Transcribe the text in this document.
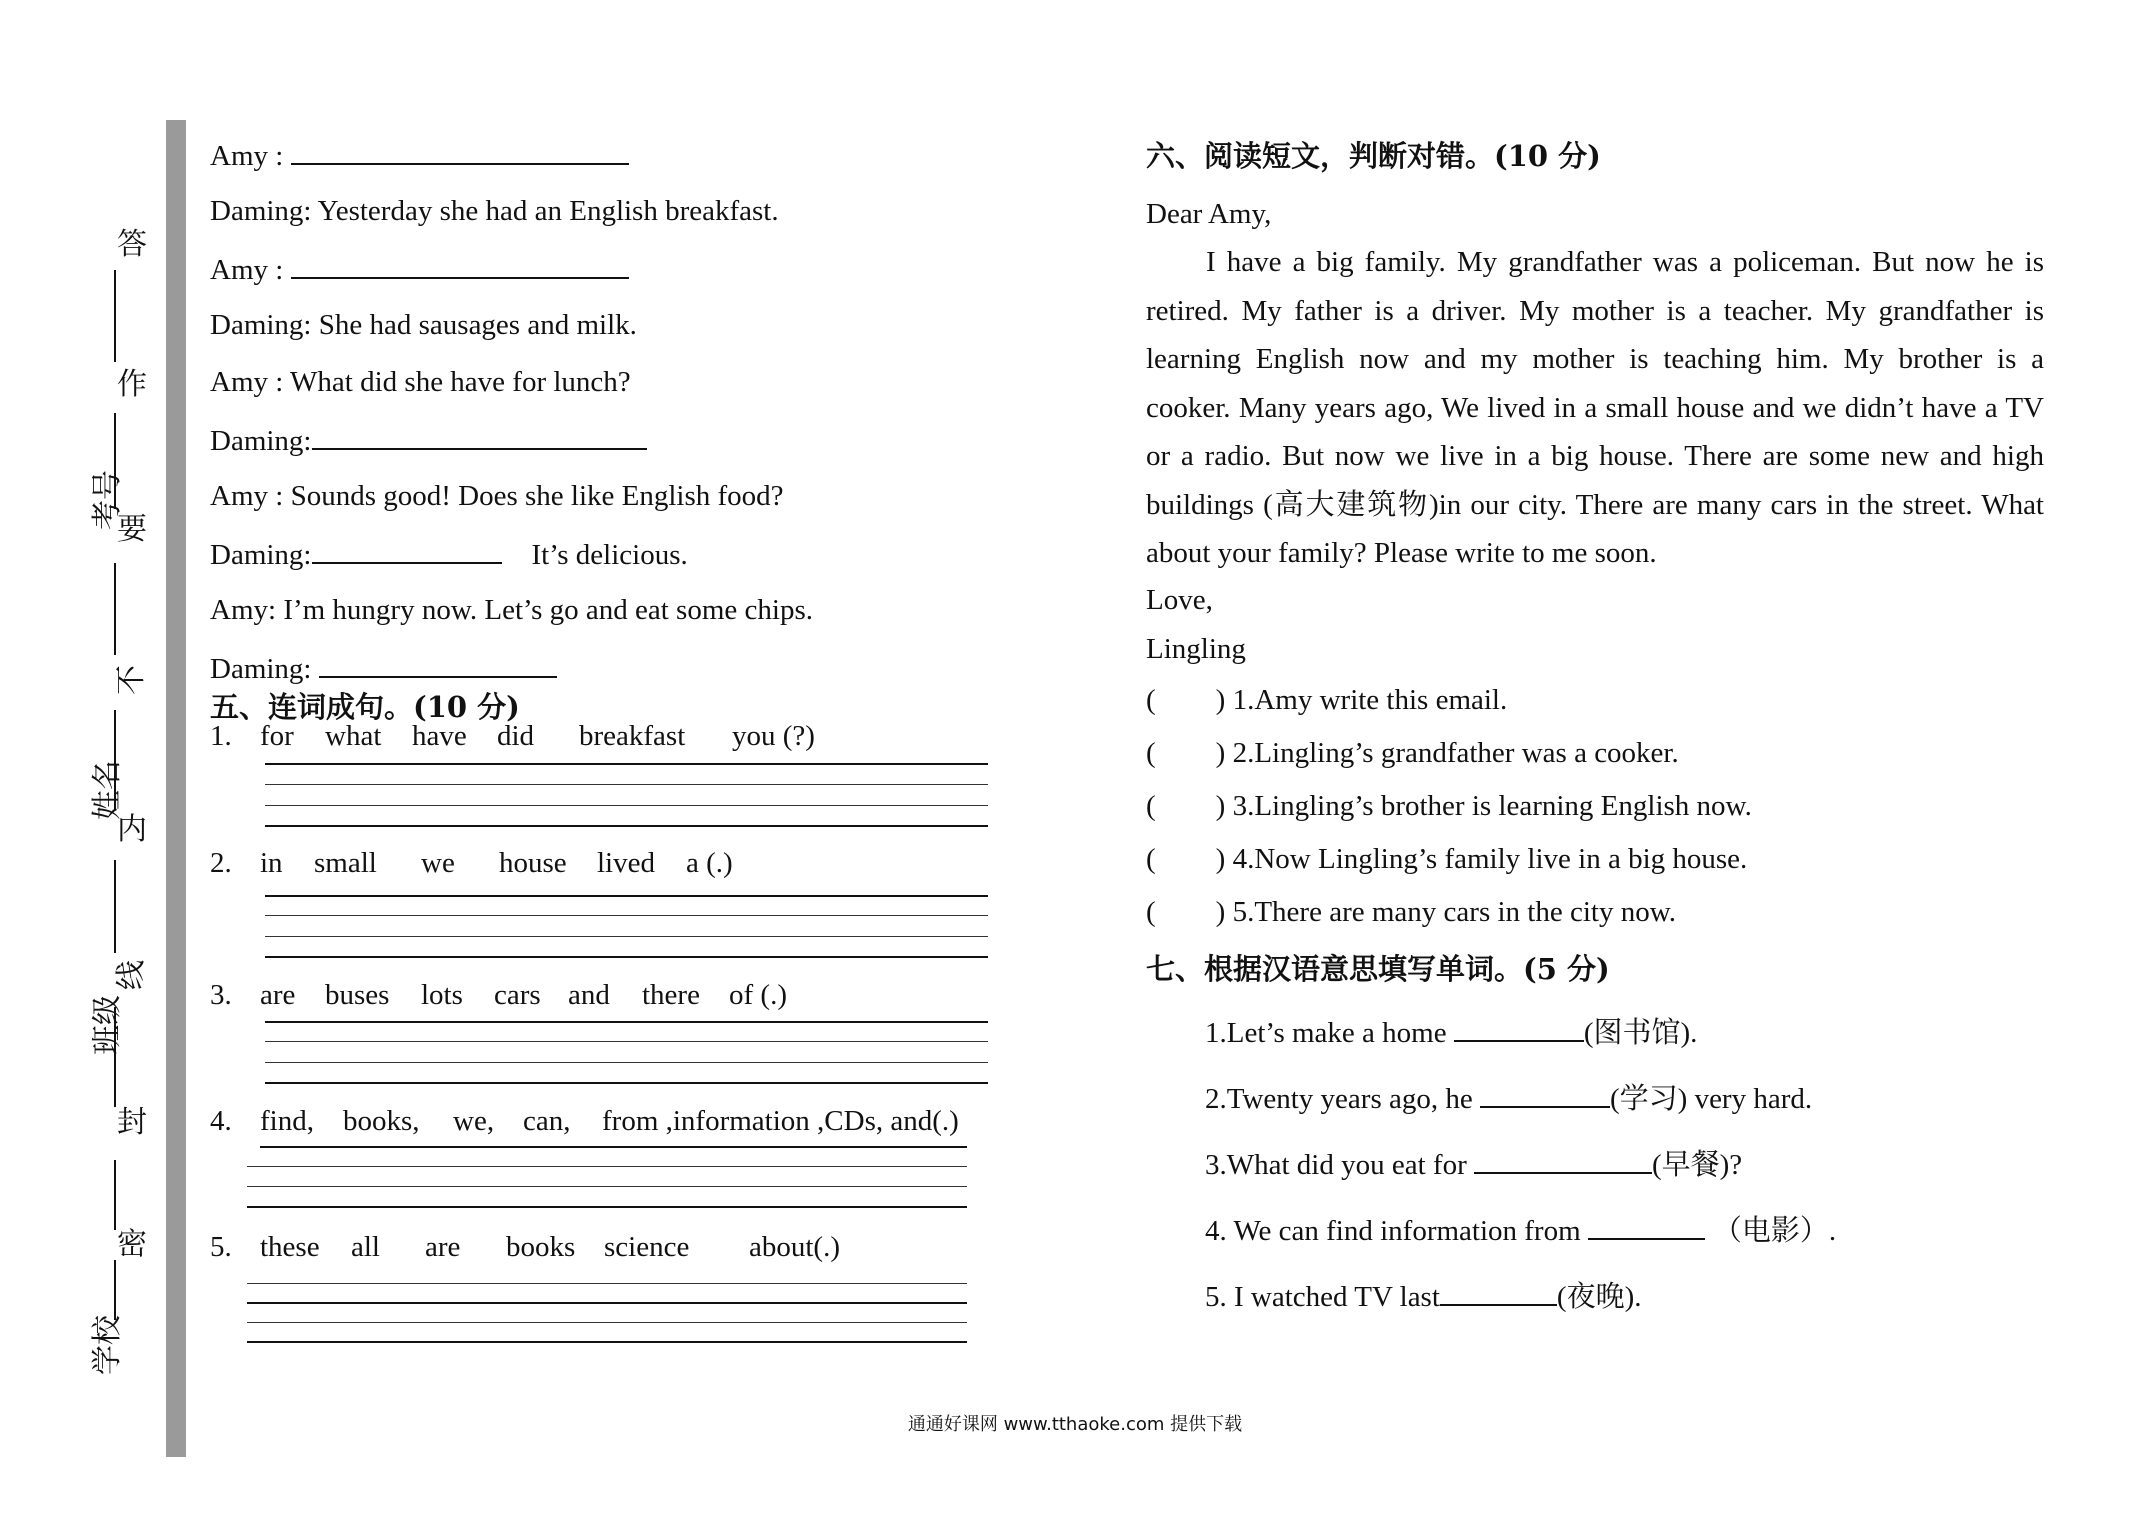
答
作
要
不
内
线
封
密
考号
姓名
班级
学校
Amy :
Daming: Yesterday she had an English breakfast.
Amy :
Daming: She had sausages and milk.
Amy : What did she have for lunch?
Daming:
Amy : Sounds good! Does she like English food?
Daming:	It’s delicious.
Amy: I’m hungry now. Let’s go and eat some chips.
Daming:
五、连词成句。(10 分)
1. for what have did breakfast you (?)
2. in small we house lived a (.)
3. are buses lots cars and there of (.)
4. find, books, we, can, from ,information ,CDs, and(.)
5. these all are books science about(.)
六、阅读短文，判断对错。(10 分)
Dear Amy,
I have a big family. My grandfather was a policeman. But now he is retired. My father is a driver. My mother is a teacher. My grandfather is learning English now and my mother is teaching him. My brother is a cooker. Many years ago, We lived in a small house and we didn’t have a TV or a radio. But now we live in a big house. There are some new and high buildings (高大建筑物)in our city. There are many cars in the street. What about your family? Please write to me soon.
Love,
Lingling
( ) 1.Amy write this email.
( ) 2.Lingling’s grandfather was a cooker.
( ) 3.Lingling’s brother is learning English now.
( ) 4.Now Lingling’s family live in a big house.
( ) 5.There are many cars in the city now.
七、根据汉语意思填写单词。(5 分)
1.Let’s make a home	(图书馆).
2.Twenty years ago, he	(学习) very hard.
3.What did you eat for	(早餐)?
4. We can find information from	（电影）.
5. I watched TV last	(夜晚).
通通好课网 www.tthaoke.com 提供下载
